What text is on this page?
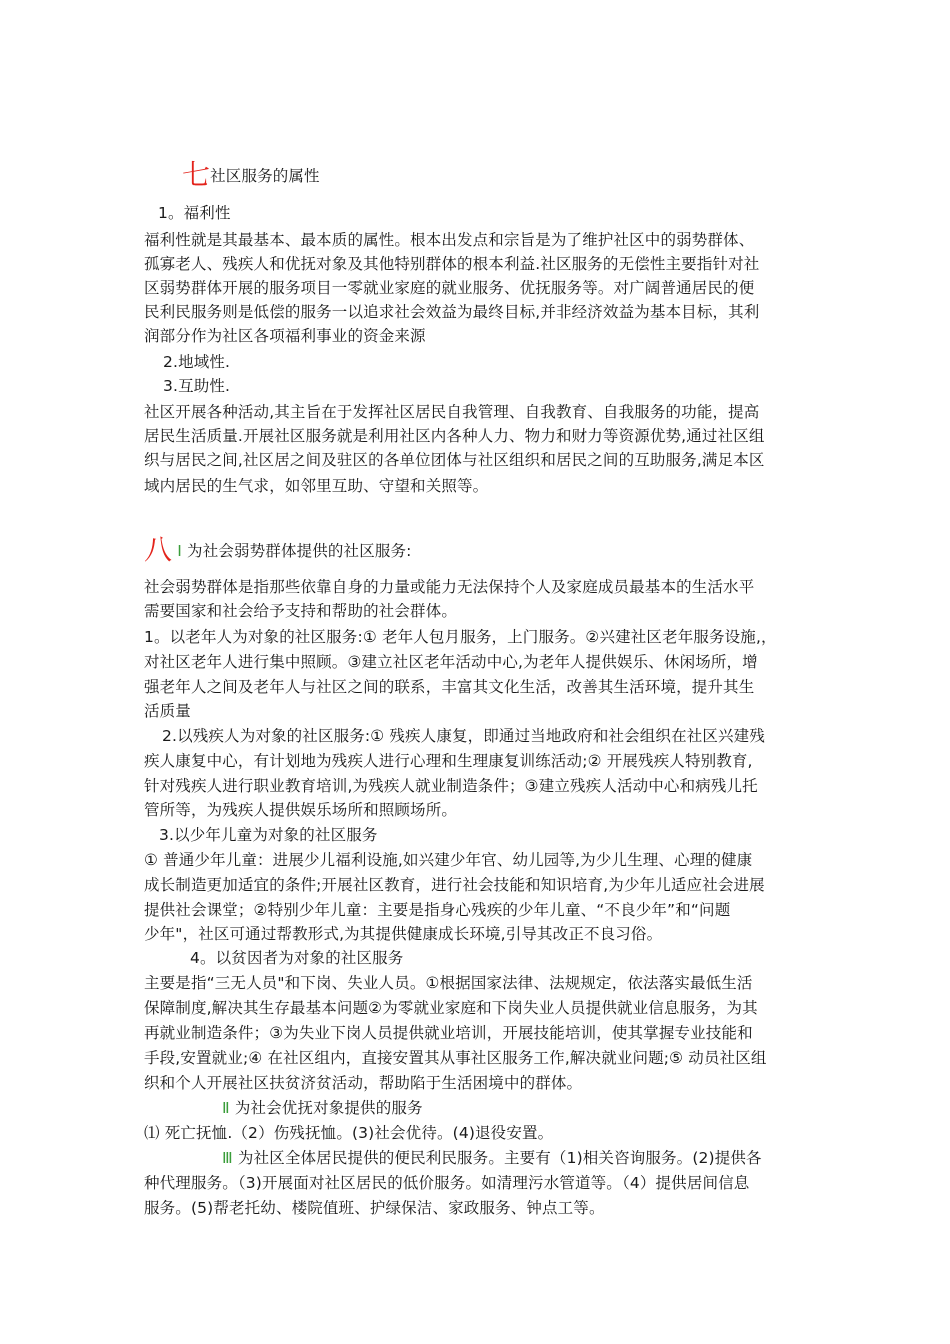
七社区服务的属性
1。福利性
福利性就是其最基本、最本质的属性。根本出发点和宗旨是为了维护社区中的弱势群体、
孤寡老人、残疾人和优抚对象及其他特别群体的根本利益.社区服务的无偿性主要指针对社
区弱势群体开展的服务项目一零就业家庭的就业服务、优抚服务等。对广阔普通居民的便
民利民服务则是低偿的服务一以追求社会效益为最终目标,并非经济效益为基本目标，其利
润部分作为社区各项福利事业的资金来源
2.地域性.
3.互助性.
社区开展各种活动,其主旨在于发挥社区居民自我管理、自我教育、自我服务的功能，提高
居民生活质量.开展社区服务就是利用社区内各种人力、物力和财力等资源优势,通过社区组
织与居民之间,社区居之间及驻区的各单位团体与社区组织和居民之间的互助服务,满足本区
域内居民的生气求，如邻里互助、守望和关照等。
八 Ⅰ 为社会弱势群体提供的社区服务:
社会弱势群体是指那些依靠自身的力量或能力无法保持个人及家庭成员最基本的生活水平
需要国家和社会给予支持和帮助的社会群体。
1。以老年人为对象的社区服务:① 老年人包月服务，上门服务。②兴建社区老年服务设施,，
对社区老年人进行集中照顾。③建立社区老年活动中心,为老年人提供娱乐、休闲场所，增
强老年人之间及老年人与社区之间的联系，丰富其文化生活，改善其生活环境，提升其生
活质量
2.以残疾人为对象的社区服务:① 残疾人康复，即通过当地政府和社会组织在社区兴建残
疾人康复中心，有计划地为残疾人进行心理和生理康复训练活动;② 开展残疾人特别教育,
针对残疾人进行职业教育培训,为残疾人就业制造条件；③建立残疾人活动中心和病残儿托
管所等，为残疾人提供娱乐场所和照顾场所。
3.以少年儿童为对象的社区服务
① 普通少年儿童：进展少儿福利设施,如兴建少年官、幼儿园等,为少儿生理、心理的健康
成长制造更加适宜的条件;开展社区教育，进行社会技能和知识培育,为少年儿适应社会进展
提供社会课堂；②特别少年儿童：主要是指身心残疾的少年儿童、“不良少年”和“问题
少年"，社区可通过帮教形式,为其提供健康成长环境,引导其改正不良习俗。
4。以贫因者为对象的社区服务
主要是指“三无人员"和下岗、失业人员。①根据国家法律、法规规定，依法落实最低生活
保障制度,解决其生存最基本问题②为零就业家庭和下岗失业人员提供就业信息服务，为其
再就业制造条件；③为失业下岗人员提供就业培训，开展技能培训，使其掌握专业技能和
手段,安置就业;④ 在社区组内，直接安置其从事社区服务工作,解决就业问题;⑤ 动员社区组
织和个人开展社区扶贫济贫活动，帮助陷于生活困境中的群体。
Ⅱ 为社会优抚对象提供的服务
⑴ 死亡抚恤.（2）伤残抚恤。(3)社会优待。(4)退役安置。
Ⅲ 为社区全体居民提供的便民利民服务。主要有（1)相关咨询服务。(2)提供各
种代理服务。（3)开展面对社区居民的低价服务。如清理污水管道等。（4）提供居间信息
服务。(5)帮老托幼、楼院值班、护绿保洁、家政服务、钟点工等。
